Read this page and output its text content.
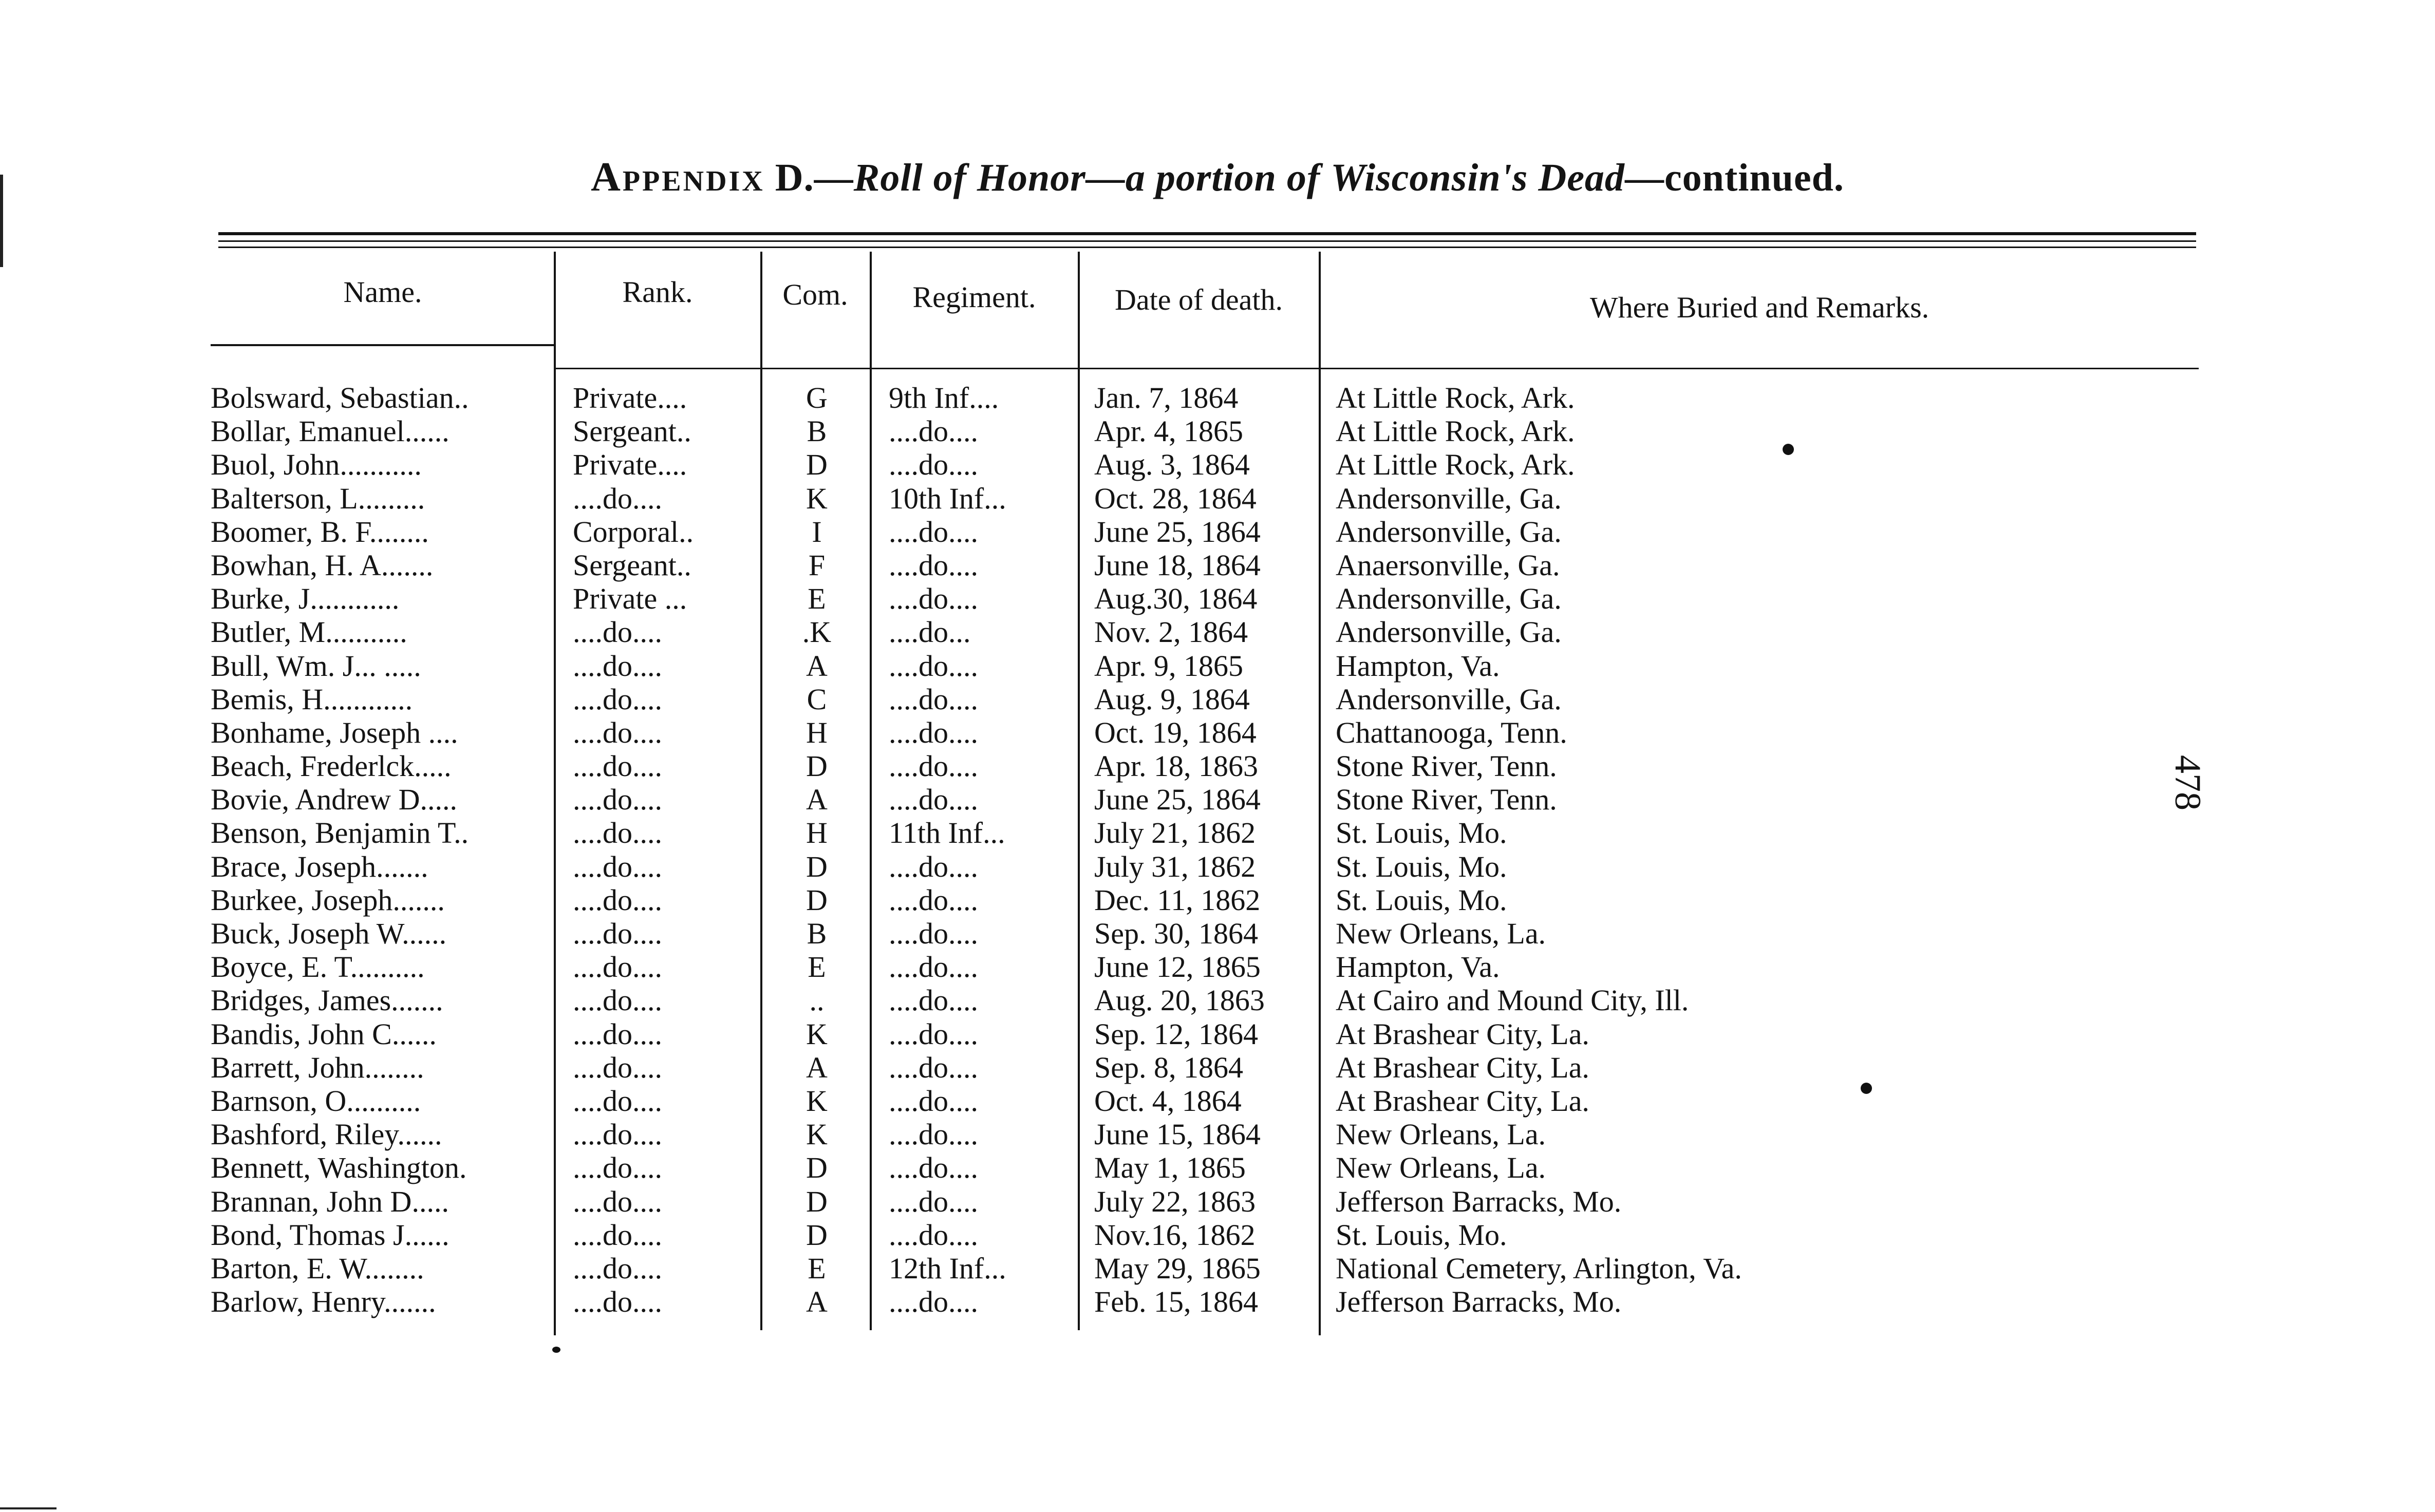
Appendix D.—Roll of Honor—a portion of Wisconsin's Dead—continued.
Name.	Rank.	Com.	Regiment.	Date of death.	Where Buried and Remarks.
Bolsward, Sebastian..	Private....	G	9th Inf....	Jan. 7, 1864	At Little Rock, Ark.
Bollar, Emanuel......	Sergeant..	B	....do....	Apr. 4, 1865	At Little Rock, Ark.
Buol, John...........	Private....	D	....do....	Aug. 3, 1864	At Little Rock, Ark.
Balterson, L.........	....do....	K	10th Inf...	Oct. 28, 1864	Andersonville, Ga.
Boomer, B. F........	Corporal..	I	....do....	June 25, 1864	Andersonville, Ga.
Bowhan, H. A.......	Sergeant..	F	....do....	June 18, 1864	Anaersonville, Ga.
Burke, J............	Private ...	E	....do....	Aug.30, 1864	Andersonville, Ga.
Butler, M...........	....do....	.K	....do...	Nov. 2, 1864	Andersonville, Ga.
Bull, Wm. J... .....	....do....	A	....do....	Apr. 9, 1865	Hampton, Va.
Bemis, H............	....do....	C	....do....	Aug. 9, 1864	Andersonville, Ga.
Bonhame, Joseph ....	....do....	H	....do....	Oct. 19, 1864	Chattanooga, Tenn.
Beach, Frederlck.....	....do....	D	....do....	Apr. 18, 1863	Stone River, Tenn.
Bovie, Andrew D.....	....do....	A	....do....	June 25, 1864	Stone River, Tenn.
Benson, Benjamin T..	....do....	H	11th Inf...	July 21, 1862	St. Louis, Mo.
Brace, Joseph.......	....do....	D	....do....	July 31, 1862	St. Louis, Mo.
Burkee, Joseph.......	....do....	D	....do....	Dec. 11, 1862	St. Louis, Mo.
Buck, Joseph W......	....do....	B	....do....	Sep. 30, 1864	New Orleans, La.
Boyce, E. T..........	....do....	E	....do....	June 12, 1865	Hampton, Va.
Bridges, James.......	....do....	..	....do....	Aug. 20, 1863	At Cairo and Mound City, Ill.
Bandis, John C......	....do....	K	....do....	Sep. 12, 1864	At Brashear City, La.
Barrett, John........	....do....	A	....do....	Sep. 8, 1864	At Brashear City, La.
Barnson, O..........	....do....	K	....do....	Oct. 4, 1864	At Brashear City, La.
Bashford, Riley......	....do....	K	....do....	June 15, 1864	New Orleans, La.
Bennett, Washington.	....do....	D	....do....	May 1, 1865	New Orleans, La.
Brannan, John D.....	....do....	D	....do....	July 22, 1863	Jefferson Barracks, Mo.
Bond, Thomas J......	....do....	D	....do....	Nov.16, 1862	St. Louis, Mo.
Barton, E. W........	....do....	E	12th Inf...	May 29, 1865	National Cemetery, Arlington, Va.
Barlow, Henry.......	....do....	A	....do....	Feb. 15, 1864	Jefferson Barracks, Mo.
478
